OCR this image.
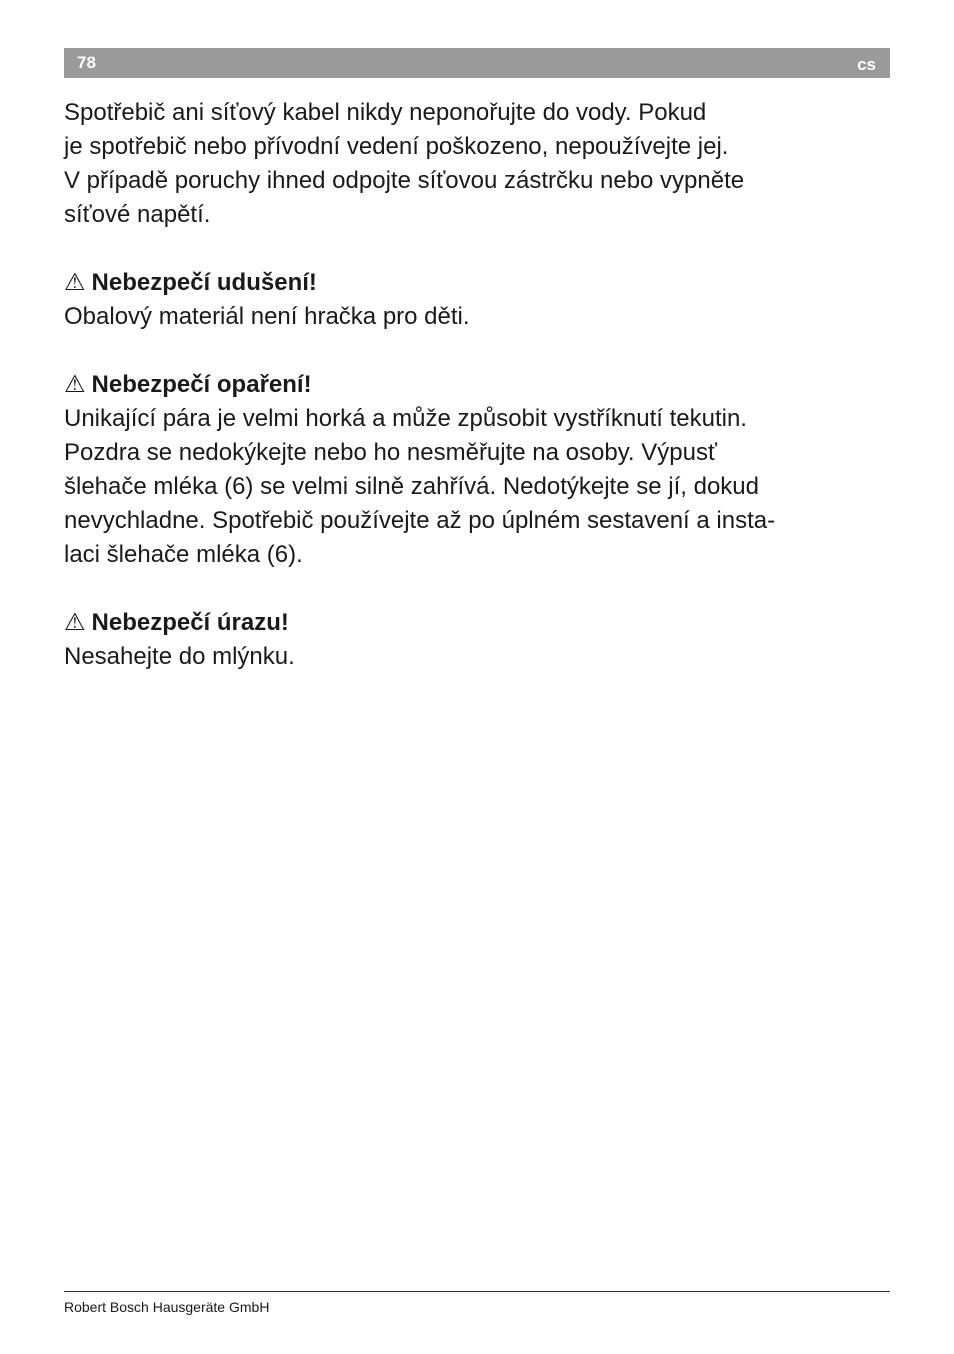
78	cs

Spotřebič ani síťový kabel nikdy neponořujte do vody. Pokud
je spotřebič nebo přívodní vedení poškozeno, nepoužívejte jej.
V případě poruchy ihned odpojte síťovou zástrčku nebo vypněte
síťové napětí.

⚠ Nebezpečí udušení!
Obalový materiál není hračka pro děti.

⚠ Nebezpečí opaření!
Unikající pára je velmi horká a může způsobit vystříknutí tekutin.
Pozdra se nedokýkejte nebo ho nesměřujte na osoby. Výpusť
šlehače mléka (6) se velmi silně zahřívá. Nedotýkejte se jí, dokud
nevychladne. Spotřebič používejte až po úplném sestavení a insta-
laci šlehače mléka (6).

⚠ Nebezpečí úrazu!
Nesahejte do mlýnku.

Robert Bosch Hausgeräte GmbH
